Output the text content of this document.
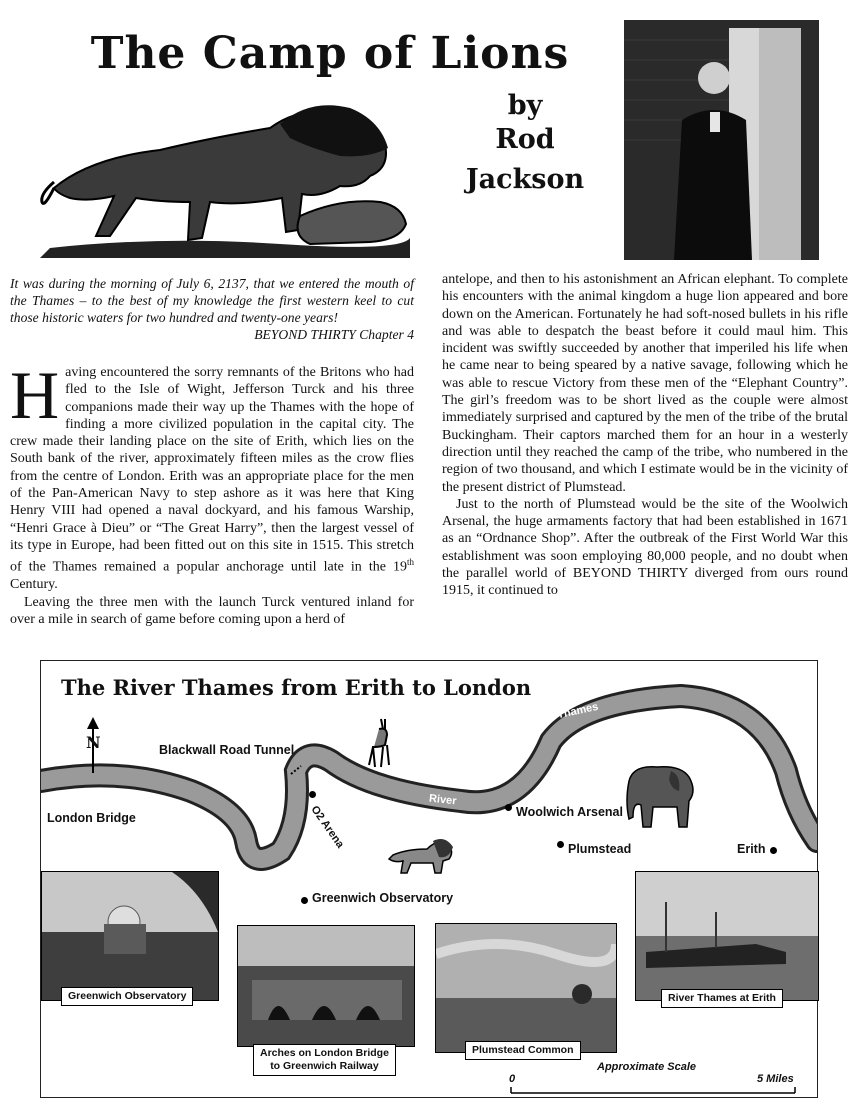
The Camp of Lions
by
Rod
Jackson
It was during the morning of July 6, 2137, that we entered the mouth of the Thames – to the best of my knowledge the first western keel to cut those historic waters for two hundred and twenty-one years!
BEYOND THIRTY Chapter 4

Having encountered the sorry remnants of the Britons who had fled to the Isle of Wight, Jefferson Turck and his three companions made their way up the Thames with the hope of finding a more civilized population in the capital city. The crew made their landing place on the site of Erith, which lies on the South bank of the river, approximately fifteen miles as the crow flies from the centre of London. Erith was an appropriate place for the men of the Pan-American Navy to step ashore as it was here that King Henry VIII had opened a naval dockyard, and his famous Warship, “Henri Grace à Dieu” or “The Great Harry”, then the largest vessel of its type in Europe, had been fitted out on this site in 1515. This stretch of the Thames remained a popular anchorage until late in the 19th Century.

Leaving the three men with the launch Turck ventured inland for over a mile in search of game before coming upon a herd of

antelope, and then to his astonishment an African elephant. To complete his encounters with the animal kingdom a huge lion appeared and bore down on the American. Fortunately he had soft-nosed bullets in his rifle and was able to despatch the beast before it could maul him. This incident was swiftly succeeded by another that imperiled his life when he came near to being speared by a native savage, following which he was able to rescue Victory from these men of the “Elephant Country”. The girl’s freedom was to be short lived as the couple were almost immediately surprised and captured by the men of the tribe of the brutal Buckingham. Their captors marched them for an hour in a westerly direction until they reached the camp of the tribe, who numbered in the region of two thousand, and which I estimate would be in the vicinity of the present district of Plumstead.

Just to the north of Plumstead would be the site of the Woolwich Arsenal, the huge armaments factory that had been established in 1671 as an “Ordnance Shop”. After the outbreak of the First World War this establishment was soon employing 80,000 people, and no doubt when the parallel world of BEYOND THIRTY diverged from ours round 1915, it continued to

The River Thames from Erith to London
N
Thames
River
Blackwall Road Tunnel
London Bridge	O2 Arena	Woolwich Arsenal
Plumstead	Erith
Greenwich Observatory
Greenwich Observatory
Arches on London Bridge
to Greenwich Railway
Plumstead Common
River Thames at Erith
Approximate Scale
0	5 Miles
